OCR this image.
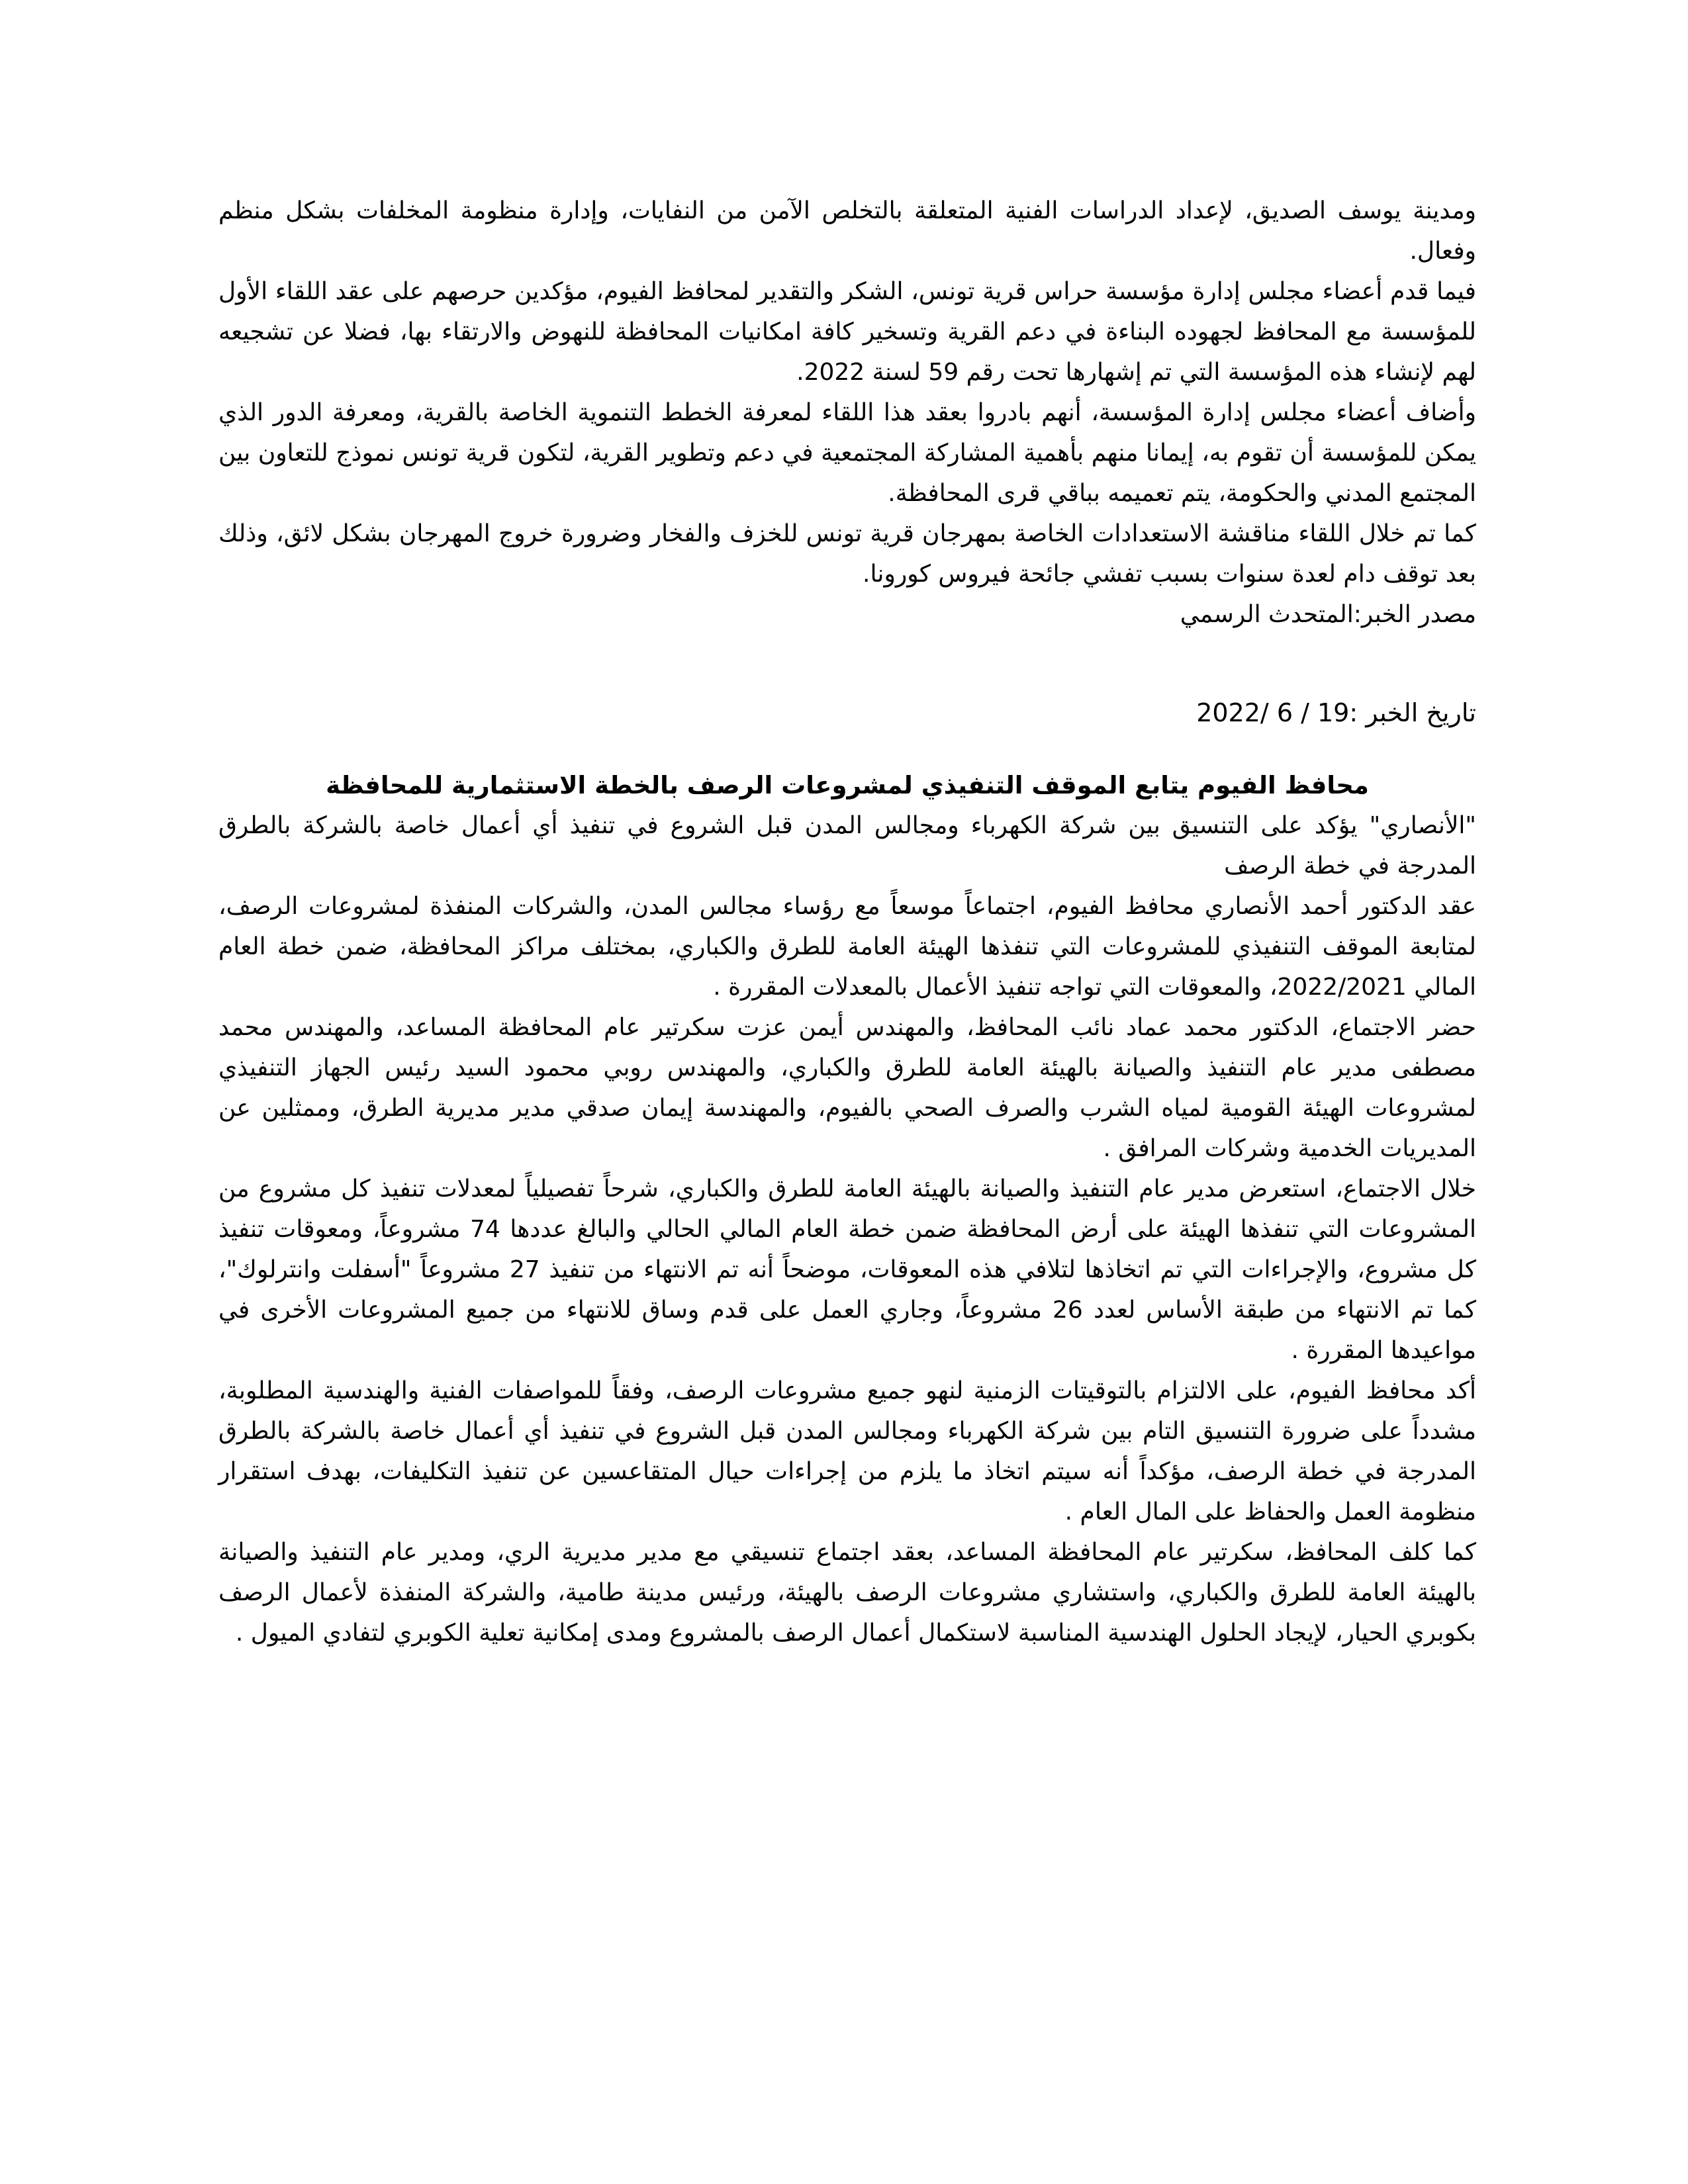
ومدينة يوسف الصديق، لإعداد الدراسات الفنية المتعلقة بالتخلص الآمن من النفايات، وإدارة منظومة المخلفات بشكل منظم وفعال.

فيما قدم أعضاء مجلس إدارة مؤسسة حراس قرية تونس، الشكر والتقدير لمحافظ الفيوم، مؤكدين حرصهم على عقد اللقاء الأول للمؤسسة مع المحافظ لجهوده البناءة في دعم القرية وتسخير كافة امكانيات المحافظة للنهوض والارتقاء بها، فضلا عن تشجيعه لهم لإنشاء هذه المؤسسة التي تم إشهارها تحت رقم 59 لسنة 2022.

وأضاف أعضاء مجلس إدارة المؤسسة، أنهم بادروا بعقد هذا اللقاء لمعرفة الخطط التنموية الخاصة بالقرية، ومعرفة الدور الذي يمكن للمؤسسة أن تقوم به، إيمانا منهم بأهمية المشاركة المجتمعية في دعم وتطوير القرية، لتكون قرية تونس نموذج للتعاون بين المجتمع المدني والحكومة، يتم تعميمه بباقي قرى المحافظة.

كما تم خلال اللقاء مناقشة الاستعدادات الخاصة بمهرجان قرية تونس للخزف والفخار وضرورة خروج المهرجان بشكل لائق، وذلك بعد توقف دام لعدة سنوات بسبب تفشي جائحة فيروس كورونا.

مصدر الخبر:المتحدث الرسمي

تاريخ الخبر :19 / 6 /2022

محافظ الفيوم يتابع الموقف التنفيذي لمشروعات الرصف بالخطة الاستثمارية للمحافظة

"الأنصاري" يؤكد على التنسيق بين شركة الكهرباء ومجالس المدن قبل الشروع في تنفيذ أي أعمال خاصة بالشركة بالطرق المدرجة في خطة الرصف

عقد الدكتور أحمد الأنصاري محافظ الفيوم، اجتماعاً موسعاً مع رؤساء مجالس المدن، والشركات المنفذة لمشروعات الرصف، لمتابعة الموقف التنفيذي للمشروعات التي تنفذها الهيئة العامة للطرق والكباري، بمختلف مراكز المحافظة، ضمن خطة العام المالي 2022/2021، والمعوقات التي تواجه تنفيذ الأعمال بالمعدلات المقررة .

حضر الاجتماع، الدكتور محمد عماد نائب المحافظ، والمهندس أيمن عزت سكرتير عام المحافظة المساعد، والمهندس محمد مصطفى مدير عام التنفيذ والصيانة بالهيئة العامة للطرق والكباري، والمهندس روبي محمود السيد رئيس الجهاز التنفيذي لمشروعات الهيئة القومية لمياه الشرب والصرف الصحي بالفيوم، والمهندسة إيمان صدقي مدير مديرية الطرق، وممثلين عن المديريات الخدمية وشركات المرافق .

خلال الاجتماع، استعرض مدير عام التنفيذ والصيانة بالهيئة العامة للطرق والكباري، شرحاً تفصيلياً لمعدلات تنفيذ كل مشروع من المشروعات التي تنفذها الهيئة على أرض المحافظة ضمن خطة العام المالي الحالي والبالغ عددها 74 مشروعاً، ومعوقات تنفيذ كل مشروع، والإجراءات التي تم اتخاذها لتلافي هذه المعوقات، موضحاً أنه تم الانتهاء من تنفيذ 27 مشروعاً "أسفلت وانترلوك"، كما تم الانتهاء من طبقة الأساس لعدد 26 مشروعاً، وجاري العمل على قدم وساق للانتهاء من جميع المشروعات الأخرى في مواعيدها المقررة .

أكد محافظ الفيوم، على الالتزام بالتوقيتات الزمنية لنهو جميع مشروعات الرصف، وفقاً للمواصفات الفنية والهندسية المطلوبة، مشدداً على ضرورة التنسيق التام بين شركة الكهرباء ومجالس المدن قبل الشروع في تنفيذ أي أعمال خاصة بالشركة بالطرق المدرجة في خطة الرصف، مؤكداً أنه سيتم اتخاذ ما يلزم من إجراءات حيال المتقاعسين عن تنفيذ التكليفات، بهدف استقرار منظومة العمل والحفاظ على المال العام .

كما كلف المحافظ، سكرتير عام المحافظة المساعد، بعقد اجتماع تنسيقي مع مدير مديرية الري، ومدير عام التنفيذ والصيانة بالهيئة العامة للطرق والكباري، واستشاري مشروعات الرصف بالهيئة، ورئيس مدينة طامية، والشركة المنفذة لأعمال الرصف بكوبري الحيار، لإيجاد الحلول الهندسية المناسبة لاستكمال أعمال الرصف بالمشروع ومدى إمكانية تعلية الكوبري لتفادي الميول .
